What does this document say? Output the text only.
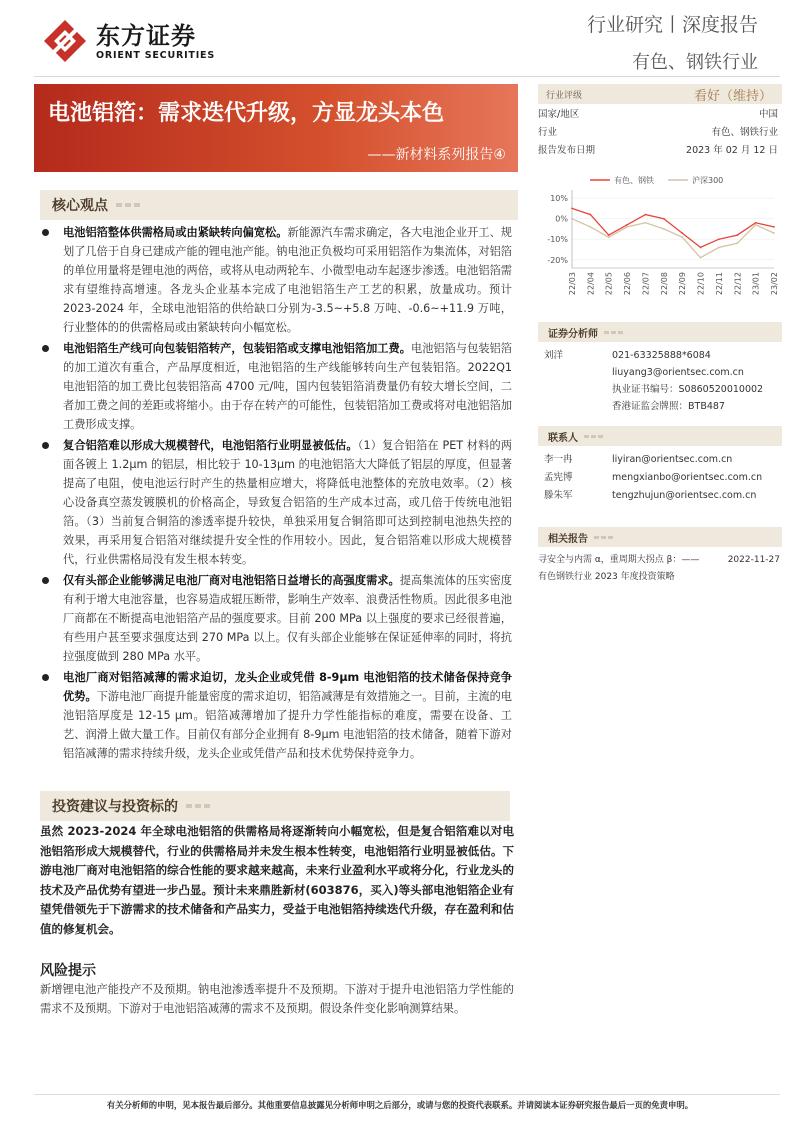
东方证券
ORIENT SECURITIES
行业研究丨深度报告
有色、钢铁行业
电池铝箔：需求迭代升级，方显龙头本色
——新材料系列报告④
核心观点
电池铝箔整体供需格局或由紧缺转向偏宽松。新能源汽车需求确定，各大电池企业开工、规划了几倍于自身已建成产能的锂电池产能。钠电池正负极均可采用铝箔作为集流体，对铝箔的单位用量将是锂电池的两倍，或将从电动两轮车、小微型电动车起逐步渗透。电池铝箔需求有望维持高增速。各龙头企业基本完成了电池铝箔生产工艺的积累，放量成功。预计 2023-2024 年，全球电池铝箔的供给缺口分别为-3.5~+5.8 万吨、-0.6~+11.9 万吨，行业整体的的供需格局或由紧缺转向小幅宽松。
电池铝箔生产线可向包装铝箔转产，包装铝箔或支撑电池铝箔加工费。电池铝箔与包装铝箔的加工道次有重合，产品厚度相近，电池铝箔的生产线能够转向生产包装铝箔。2022Q1 电池铝箔的加工费比包装铝箔高 4700 元/吨，国内包装铝箔消费量仍有较大增长空间，二者加工费之间的差距或将缩小。由于存在转产的可能性，包装铝箔加工费或将对电池铝箔加工费形成支撑。
复合铝箔难以形成大规模替代，电池铝箔行业明显被低估。（1）复合铝箔在 PET 材料的两面各镀上 1.2μm 的铝层，相比较于 10-13μm 的电池铝箔大大降低了铝层的厚度，但显著提高了电阻，使电池运行时产生的热量相应增大，将降低电池整体的充放电效率。（2）核心设备真空蒸发镀膜机的价格高企，导致复合铝箔的生产成本过高，或几倍于传统电池铝箔。（3）当前复合铜箔的渗透率提升较快，单独采用复合铜箔即可达到控制电池热失控的效果，再采用复合铝箔对继续提升安全性的作用较小。因此，复合铝箔难以形成大规模替代，行业供需格局没有发生根本转变。
仅有头部企业能够满足电池厂商对电池铝箔日益增长的高强度需求。提高集流体的压实密度有利于增大电池容量，也容易造成辊压断带，影响生产效率、浪费活性物质。因此很多电池厂商都在不断提高电池铝箔产品的强度要求。目前 200 MPa 以上强度的要求已经很普遍，有些用户甚至要求强度达到 270 MPa 以上。仅有头部企业能够在保证延伸率的同时，将抗拉强度做到 280 MPa 水平。
电池厂商对铝箔减薄的需求迫切，龙头企业或凭借 8-9μm 电池铝箔的技术储备保持竞争优势。下游电池厂商提升能量密度的需求迫切，铝箔减薄是有效措施之一。目前，主流的电池铝箔厚度是 12-15 μm。铝箔减薄增加了提升力学性能指标的难度，需要在设备、工艺、润滑上做大量工作。目前仅有部分企业拥有 8-9μm 电池铝箔的技术储备，随着下游对铝箔减薄的需求持续升级，龙头企业或凭借产品和技术优势保持竞争力。
投资建议与投资标的
虽然 2023-2024 年全球电池铝箔的供需格局将逐渐转向小幅宽松，但是复合铝箔难以对电池铝箔形成大规模替代，行业的供需格局并未发生根本性转变，电池铝箔行业明显被低估。下游电池厂商对电池铝箔的综合性能的要求越来越高，未来行业盈利水平或将分化，行业龙头的技术及产品优势有望进一步凸显。预计未来鼎胜新材(603876，买入)等头部电池铝箔企业有望凭借领先于下游需求的技术储备和产品实力，受益于电池铝箔持续迭代升级，存在盈利和估值的修复机会。
风险提示
新增锂电池产能投产不及预期。钠电池渗透率提升不及预期。下游对于提升电池铝箔力学性能的需求不及预期。下游对于电池铝箔减薄的需求不及预期。假设条件变化影响测算结果。
行业评级	看好（维持）
国家/地区	中国
行业	有色、钢铁行业
报告发布日期	2023 年 02 月 12 日
有色、钢铁	沪深300
10%
0%
-10%
-20%
22/03 22/04 22/05 22/06 22/07 22/08 22/09 22/10 22/11 22/12 23/01 23/02
证券分析师
刘洋	021-63325888*6084
liuyang3@orientsec.com.cn
执业证书编号：S0860520010002
香港证监会牌照：BTB487
联系人
李一冉	liyiran@orientsec.com.cn
孟宪博	mengxianbo@orientsec.com.cn
滕朱军	tengzhujun@orientsec.com.cn
相关报告
寻安全与内需 α，重周期大拐点 β：——	2022-11-27
有色钢铁行业 2023 年度投资策略
有关分析师的申明，见本报告最后部分。其他重要信息披露见分析师申明之后部分，或请与您的投资代表联系。并请阅读本证券研究报告最后一页的免责申明。
